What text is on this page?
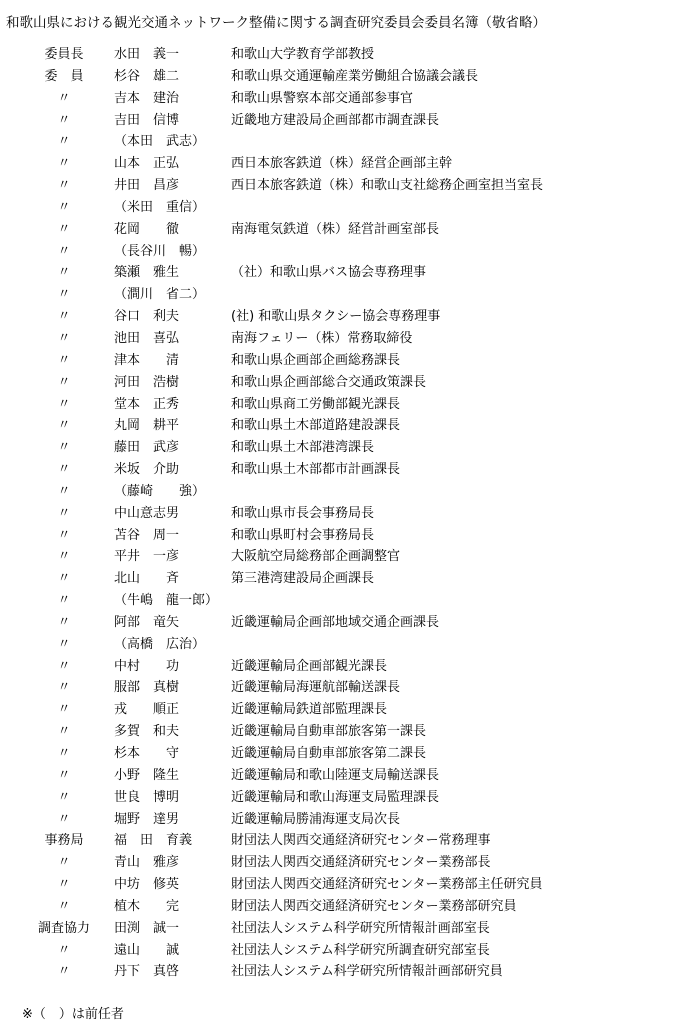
和歌山県における観光交通ネットワーク整備に関する調査研究委員会委員名簿（敬省略）
委員長	水田　義一	和歌山大学教育学部教授
委　員	杉谷　雄二	和歌山県交通運輸産業労働組合協議会議長
〃	吉本　建治	和歌山県警察本部交通部参事官
〃	吉田　信博	近畿地方建設局企画部都市調査課長
〃	（本田　武志）
〃	山本　正弘	西日本旅客鉄道（株）経営企画部主幹
〃	井田　昌彦	西日本旅客鉄道（株）和歌山支社総務企画室担当室長
〃	（米田　重信）
〃	花岡　　徹	南海電気鉄道（株）経営計画室部長
〃	（長谷川　暢）
〃	築瀬　雅生	（社）和歌山県バス協会専務理事
〃	（澗川　省二）
〃	谷口　利夫	(社) 和歌山県タクシー協会専務理事
〃	池田　喜弘	南海フェリー（株）常務取締役
〃	津本　　清	和歌山県企画部企画総務課長
〃	河田　浩樹	和歌山県企画部総合交通政策課長
〃	堂本　正秀	和歌山県商工労働部観光課長
〃	丸岡　耕平	和歌山県土木部道路建設課長
〃	藤田　武彦	和歌山県土木部港湾課長
〃	米坂　介助	和歌山県土木部都市計画課長
〃	（藤崎　　強）
〃	中山意志男	和歌山県市長会事務局長
〃	苫谷　周一	和歌山県町村会事務局長
〃	平井　一彦	大阪航空局総務部企画調整官
〃	北山　　斉	第三港湾建設局企画課長
〃	（牛嶋　龍一郎）
〃	阿部　竜矢	近畿運輸局企画部地域交通企画課長
〃	（高橋　広治）
〃	中村　　功	近畿運輸局企画部観光課長
〃	服部　真樹	近畿運輸局海運航部輸送課長
〃	戎　　順正	近畿運輸局鉄道部監理課長
〃	多賀　和夫	近畿運輸局自動車部旅客第一課長
〃	杉本　　守	近畿運輸局自動車部旅客第二課長
〃	小野　隆生	近畿運輸局和歌山陸運支局輸送課長
〃	世良　博明	近畿運輸局和歌山海運支局監理課長
〃	堀野　達男	近畿運輸局勝浦海運支局次長
事務局	福　田　育義	財団法人関西交通経済研究センター常務理事
〃	青山　雅彦	財団法人関西交通経済研究センター業務部長
〃	中坊　修英	財団法人関西交通経済研究センター業務部主任研究員
〃	植木　　完	財団法人関西交通経済研究センター業務部研究員
調査協力	田渕　誠一	社団法人システム科学研究所情報計画部室長
〃	遠山　　誠	社団法人システム科学研究所調査研究部室長
〃	丹下　真啓	社団法人システム科学研究所情報計画部研究員
※（　）は前任者
